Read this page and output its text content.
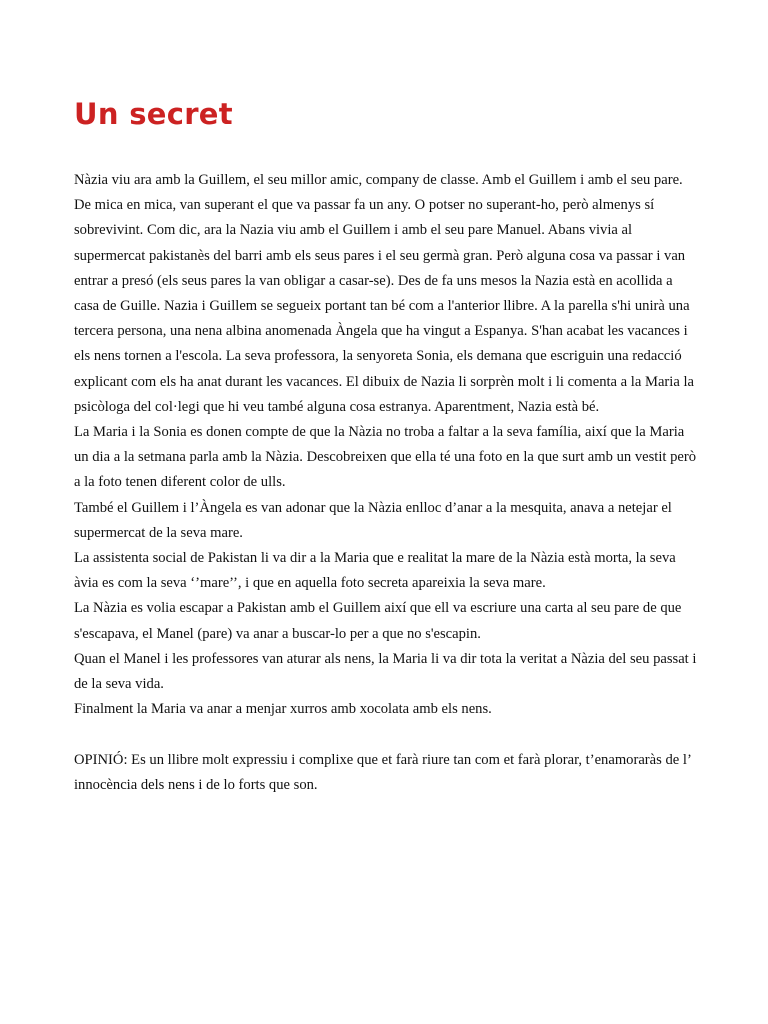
Un secret

Nàzia viu ara amb la Guillem, el seu millor amic, company de classe. Amb el Guillem i amb el seu pare. De mica en mica, van superant el que va passar fa un any. O potser no superant-ho, però almenys sí sobrevivint. Com dic, ara la Nazia viu amb el Guillem i amb el seu pare Manuel. Abans vivia al supermercat pakistanès del barri amb els seus pares i el seu germà gran. Però alguna cosa va passar i van entrar a presó (els seus pares la van obligar a casar-se). Des de fa uns mesos la Nazia està en acollida a casa de Guille. Nazia i Guillem se segueix portant tan bé com a l'anterior llibre. A la parella s'hi unirà una tercera persona, una nena albina anomenada Àngela que ha vingut a Espanya. S'han acabat les vacances i els nens tornen a l'escola. La seva professora, la senyoreta Sonia, els demana que escriguin una redacció explicant com els ha anat durant les vacances. El dibuix de Nazia li sorprèn molt i li comenta a la Maria la psicòloga del col·legi que hi veu també alguna cosa estranya. Aparentment, Nazia està bé.

La Maria i la Sonia es donen compte de que la Nàzia no troba a faltar a la seva família, així que la Maria un dia a la setmana parla amb la Nàzia. Descobreixen que ella té una foto en la que surt amb un vestit però a la foto tenen diferent color de ulls.

També el Guillem i l’Àngela es van adonar que la Nàzia enlloc d’anar a la mesquita, anava a netejar el supermercat de la seva mare.

La assistenta social de Pakistan li va dir a la Maria que e realitat la mare de la Nàzia està morta, la seva àvia es com la seva ‘’mare’’, i que en aquella foto secreta apareixia la seva mare.

La Nàzia es volia escapar a Pakistan amb el Guillem així que ell va escriure una carta al seu pare de que s'escapava, el Manel (pare) va anar a buscar-lo per a que no s'escapin.

Quan el Manel i les professores van aturar als nens, la Maria li va dir tota la veritat a Nàzia del seu passat i de la seva vida.

Finalment la Maria va anar a menjar xurros amb xocolata amb els nens.

OPINIÓ: Es un llibre molt expressiu i complixe que et farà riure tan com et farà plorar, t’enamoraràs de l’ innocència dels nens i de lo forts que son.
